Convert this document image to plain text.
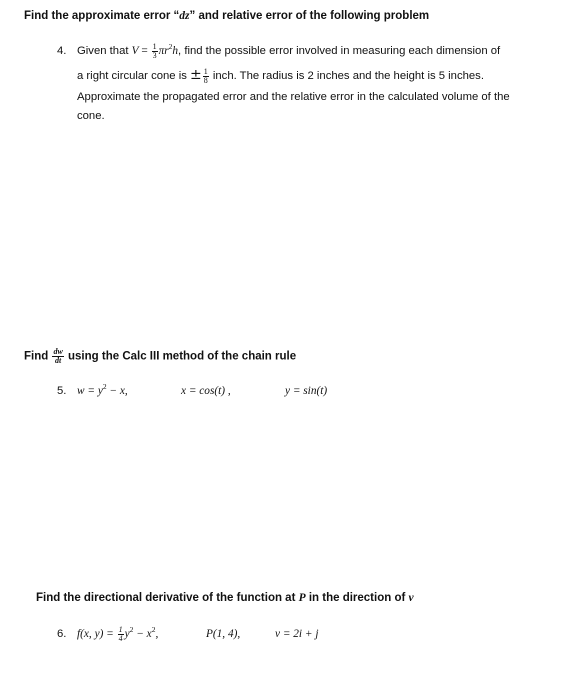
Find the approximate error “dz” and relative error of the following problem
4. Given that $V = \frac{1}{3} \pi r^2h$, find the possible error involved in measuring each dimension of
a right circular cone is ± $\frac{1}{8}$ inch. The radius is 2 inches and the height is 5 inches.
Approximate the propagated error and the relative error in the calculated volume of the
cone.
Find $\frac{dw}{dt}$ using the Calc III method of the chain rule
5. $w = y^2 - x$,	x = cos(t) ,	y = sin(t)
Find the directional derivative of the function at P in the direction of v
6. f(x, $y) = \frac{1}{4} y^2 - x^2$,	P(1, 4),	v = 2i + j
